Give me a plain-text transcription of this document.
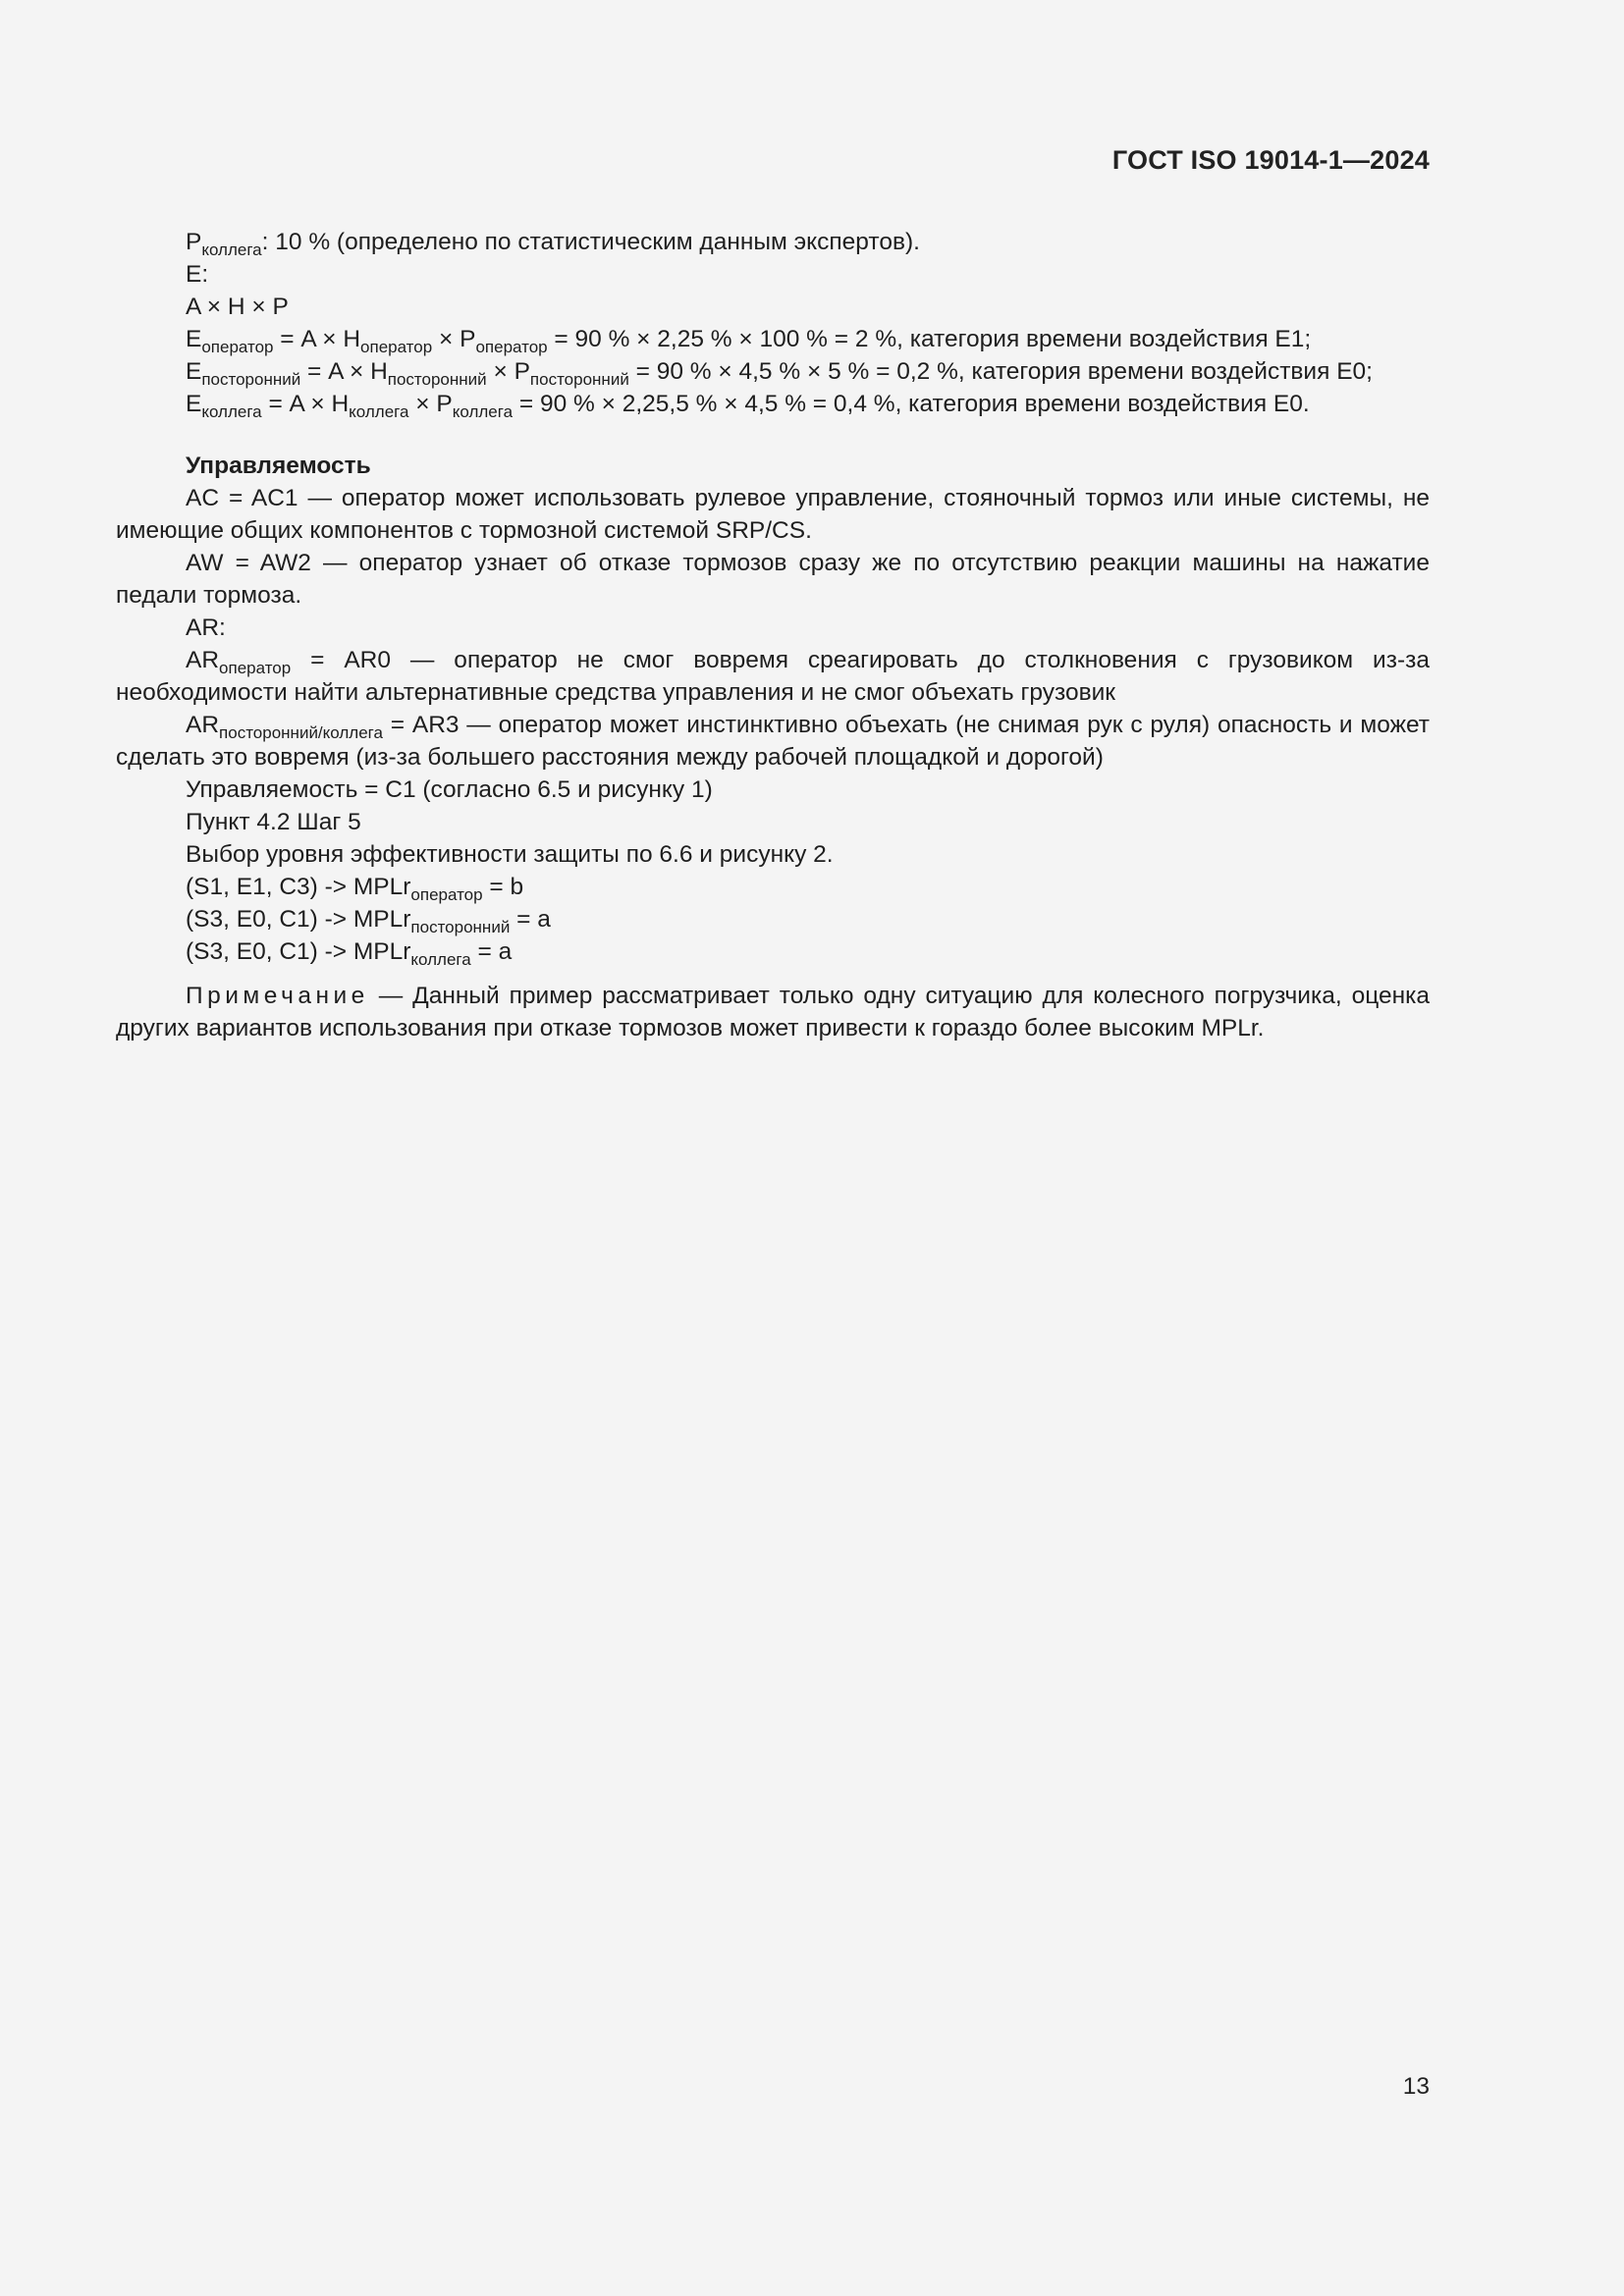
ГОСТ ISO 19014-1—2024
$P_{коллега}$: 10 % (определено по статистическим данным экспертов).
E:
A × H × P
$E_{оператор} = A \times H_{оператор} \times P_{оператор} = 90$ % × 2,25 % × 100 % = 2 %, категория времени воздействия E1;
$E_{посторонний} = A \times H_{посторонний} \times P_{посторонний} = 90$ % × 4,5 % × 5 % = 0,2 %, категория времени воздействия E0;
$E_{коллега} = A \times H_{коллега} \times P_{коллега} = 90$ % × 2,25,5 % × 4,5 % = 0,4 %, категория времени воздействия E0.
Управляемость
AC = AC1 — оператор может использовать рулевое управление, стояночный тормоз или иные системы, не имеющие общих компонентов с тормозной системой SRP/CS.
AW = AW2 — оператор узнает об отказе тормозов сразу же по отсутствию реакции машины на нажатие педали тормоза.
AR:
$AR_{оператор} = AR0$ — оператор не смог вовремя среагировать до столкновения с грузовиком из-за необходимости найти альтернативные средства управления и не смог объехать грузовик
$AR_{посторонний/коллега} = AR3$ — оператор может инстинктивно объехать (не снимая рук с руля) опасность и может сделать это вовремя (из-за большего расстояния между рабочей площадкой и дорогой)
Управляемость = C1 (согласно 6.5 и рисунку 1)
Пункт 4.2 Шаг 5
Выбор уровня эффективности защиты по 6.6 и рисунку 2.
(S1, E1, C3) -> MPLr$_{оператор}$ = b
(S3, E0, C1) -> MPLr$_{посторонний}$ = a
(S3, E0, C1) -> MPLr$_{коллега}$ = a
Примечание — Данный пример рассматривает только одну ситуацию для колесного погрузчика, оценка других вариантов использования при отказе тормозов может привести к гораздо более высоким MPLr.
13
